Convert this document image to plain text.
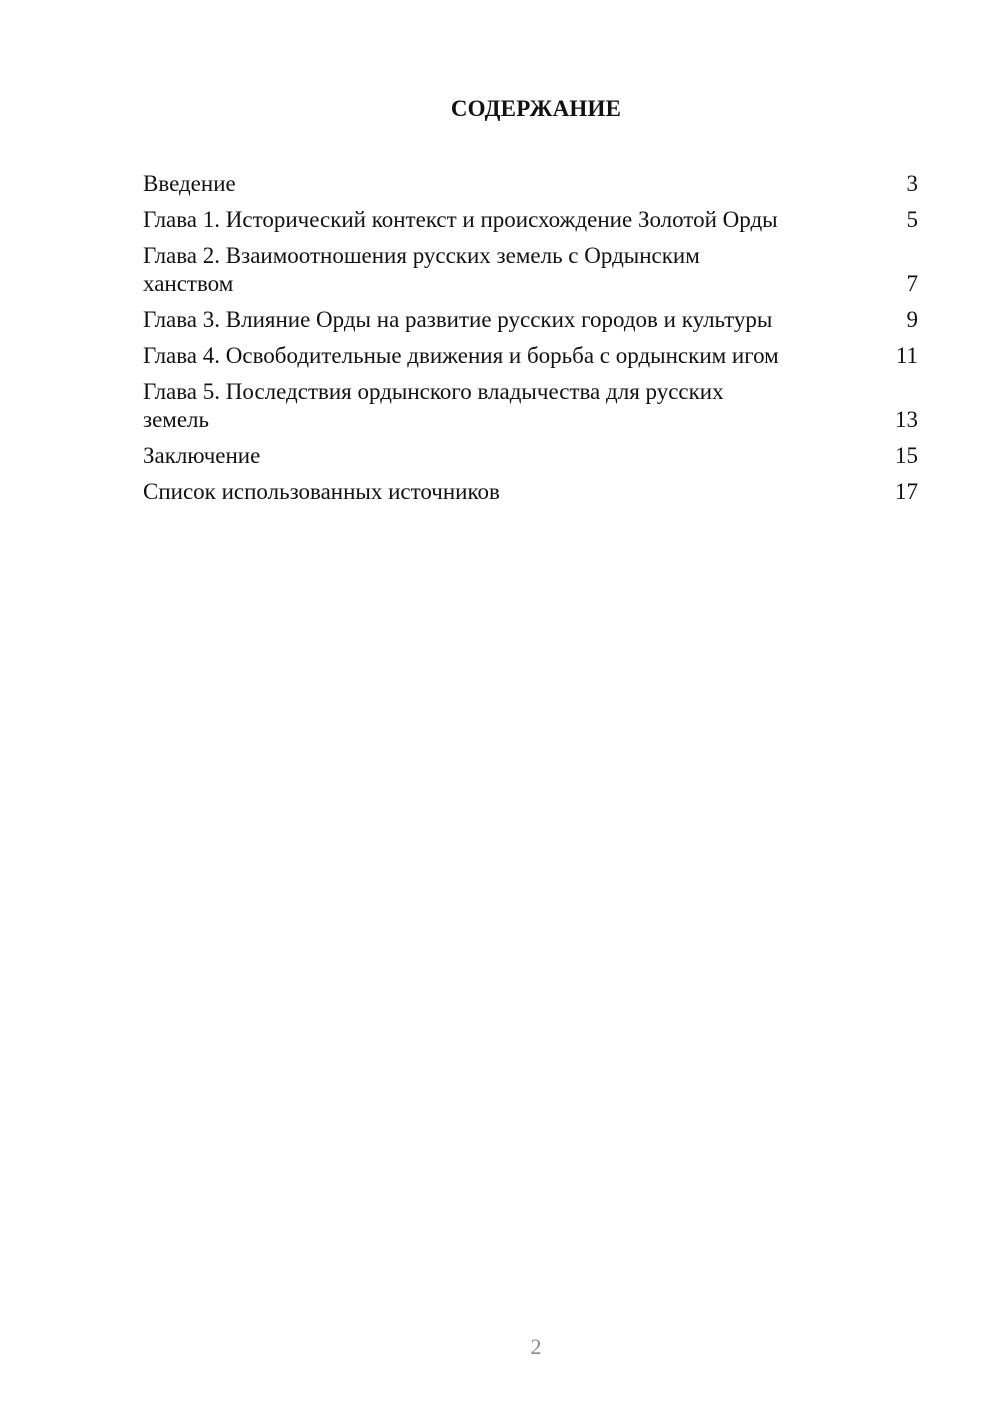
СОДЕРЖАНИЕ
Введение	3
Глава 1. Исторический контекст и происхождение Золотой Орды	5
Глава 2. Взаимоотношения русских земель с Ордынским ханством	7
Глава 3. Влияние Орды на развитие русских городов и культуры	9
Глава 4. Освободительные движения и борьба с ордынским игом	11
Глава 5. Последствия ордынского владычества для русских земель	13
Заключение	15
Список использованных источников	17
2
